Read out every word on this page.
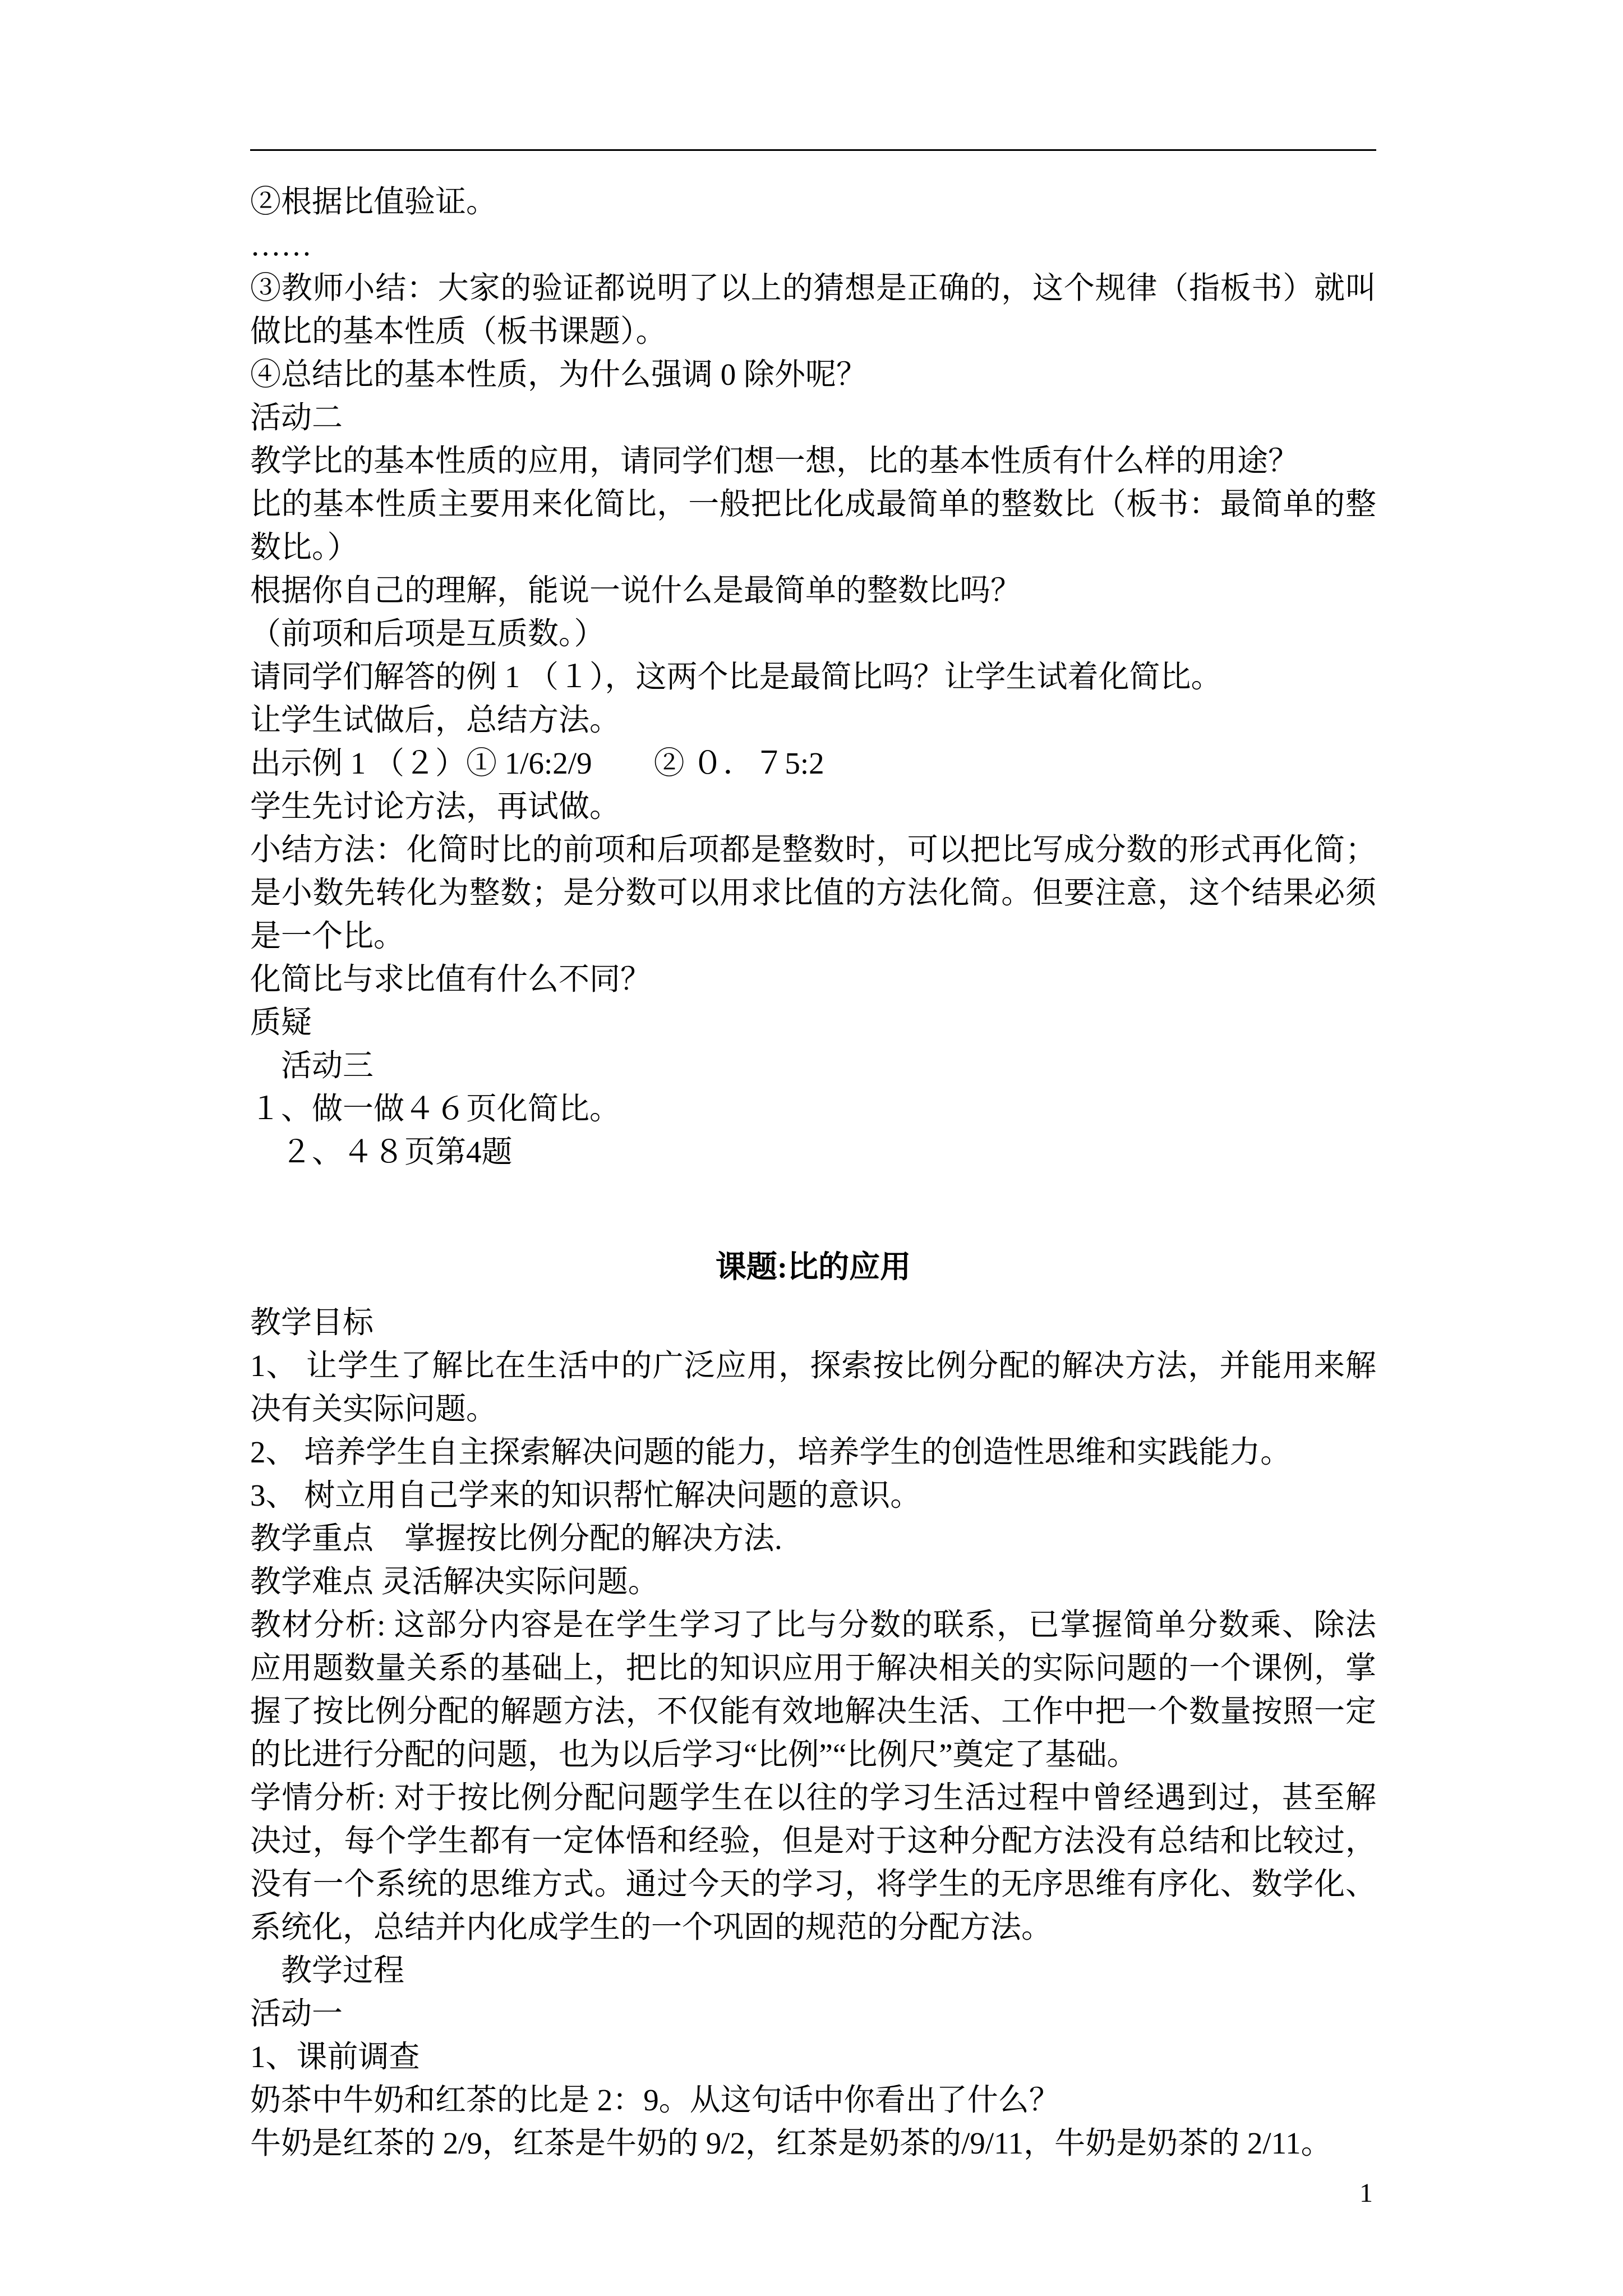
②根据比值验证。

……

③教师小结：大家的验证都说明了以上的猜想是正确的，这个规律（指板书）就叫做比的基本性质（板书课题）。

④总结比的基本性质，为什么强调 0 除外呢？

活动二

教学比的基本性质的应用，请同学们想一想，比的基本性质有什么样的用途？

比的基本性质主要用来化简比，一般把比化成最简单的整数比（板书：最简单的整数比。）

根据你自己的理解，能说一说什么是最简单的整数比吗？

（前项和后项是互质数。）

请同学们解答的例 1 （１），这两个比是最简比吗？让学生试着化简比。

让学生试做后，总结方法。

出示例 1 （２）① 1/6:2/9　　② ０．７5:2

学生先讨论方法，再试做。

小结方法：化简时比的前项和后项都是整数时，可以把比写成分数的形式再化简；是小数先转化为整数；是分数可以用求比值的方法化简。但要注意，这个结果必须是一个比。

化简比与求比值有什么不同？

质疑

　活动三

１、做一做４６页化简比。

　２、４８页第4题

课题:比的应用

教学目标

1、 让学生了解比在生活中的广泛应用，探索按比例分配的解决方法，并能用来解决有关实际问题。

2、 培养学生自主探索解决问题的能力，培养学生的创造性思维和实践能力。

3、 树立用自己学来的知识帮忙解决问题的意识。

教学重点　掌握按比例分配的解决方法.

教学难点 灵活解决实际问题。

教材分析: 这部分内容是在学生学习了比与分数的联系，已掌握简单分数乘、除法应用题数量关系的基础上，把比的知识应用于解决相关的实际问题的一个课例，掌握了按比例分配的解题方法，不仅能有效地解决生活、工作中把一个数量按照一定的比进行分配的问题，也为以后学习“比例”“比例尺”奠定了基础。

学情分析: 对于按比例分配问题学生在以往的学习生活过程中曾经遇到过，甚至解决过，每个学生都有一定体悟和经验，但是对于这种分配方法没有总结和比较过，没有一个系统的思维方式。通过今天的学习，将学生的无序思维有序化、数学化、系统化，总结并内化成学生的一个巩固的规范的分配方法。

　教学过程

活动一

1、课前调查

奶茶中牛奶和红茶的比是 2：9。从这句话中你看出了什么？

牛奶是红茶的 2/9，红茶是牛奶的 9/2，红茶是奶茶的/9/11，牛奶是奶茶的 2/11。

1
